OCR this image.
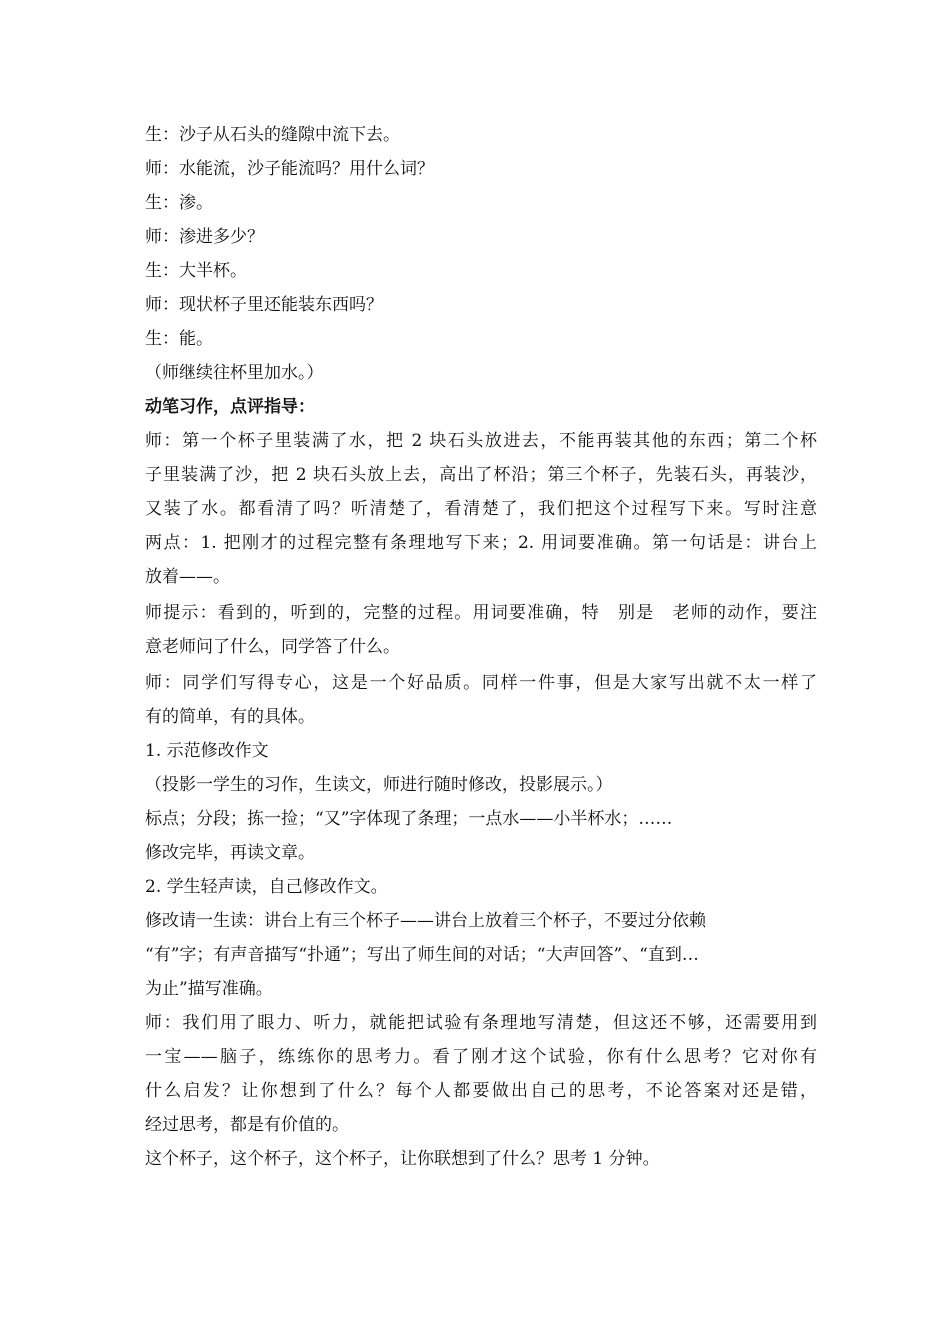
生：沙子从石头的缝隙中流下去。

师：水能流，沙子能流吗？用什么词？

生：渗。

师：渗进多少？

生：大半杯。

师：现状杯子里还能装东西吗？

生：能。

（师继续往杯里加水。）

动笔习作，点评指导：

师：第一个杯子里装满了水，把 2 块石头放进去，不能再装其他的东西；第二个杯

子里装满了沙，把 2 块石头放上去，高出了杯沿；第三个杯子，先装石头，再装沙，

又装了水。都看清了吗？听清楚了，看清楚了，我们把这个过程写下来。写时注意

两点：1. 把刚才的过程完整有条理地写下来；2. 用词要准确。第一句话是：讲台上

放着——。

师提示：看到的，听到的，完整的过程。用词要准确，特　别是　老师的动作，要注

意老师问了什么，同学答了什么。

师：同学们写得专心，这是一个好品质。同样一件事，但是大家写出就不太一样了

有的简单，有的具体。

1. 示范修改作文

（投影一学生的习作，生读文，师进行随时修改，投影展示。）

标点；分段；拣一捡；“又”字体现了条理；一点水——小半杯水；……

修改完毕，再读文章。

2. 学生轻声读，自己修改作文。

修改请一生读：讲台上有三个杯子——讲台上放着三个杯子，不要过分依赖

“有”字；有声音描写“扑通”；写出了师生间的对话；“大声回答”、“直到…

为止”描写准确。

师：我们用了眼力、听力，就能把试验有条理地写清楚，但这还不够，还需要用到

一宝——脑子，练练你的思考力。看了刚才这个试验，你有什么思考？它对你有

什么启发？让你想到了什么？每个人都要做出自己的思考，不论答案对还是错，

经过思考，都是有价值的。

这个杯子，这个杯子，这个杯子，让你联想到了什么？思考 1 分钟。
